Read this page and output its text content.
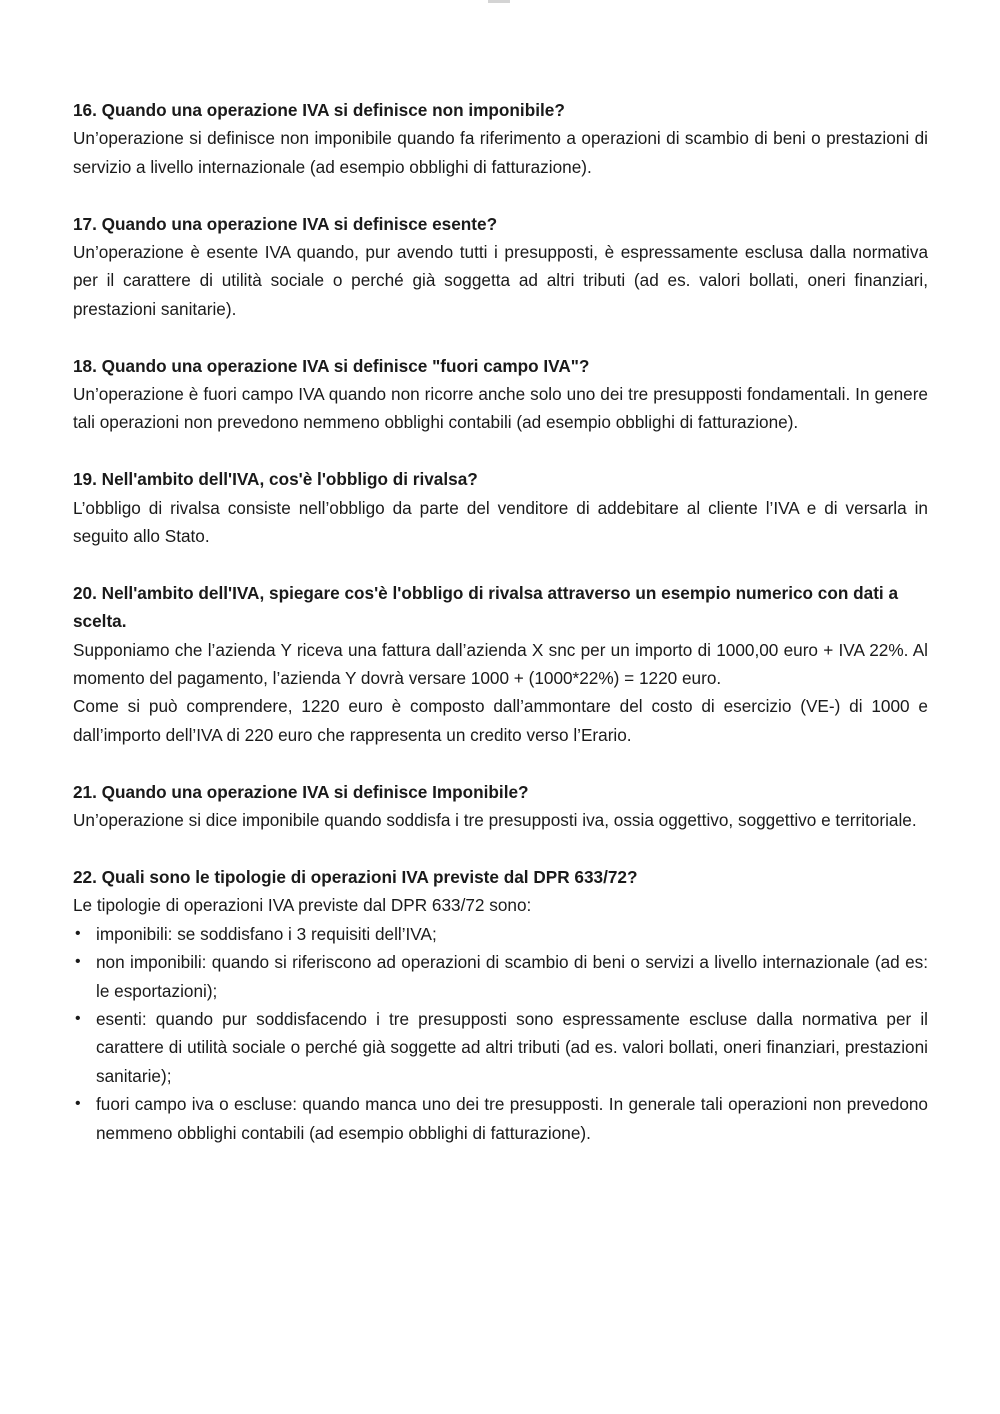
16. Quando una operazione IVA si definisce non imponibile?

Un’operazione si definisce non imponibile quando fa riferimento a operazioni di scambio di beni o prestazioni di servizio a livello internazionale (ad esempio obblighi di fatturazione).

17. Quando una operazione IVA si definisce esente?

Un’operazione è esente IVA quando, pur avendo tutti i presupposti, è espressamente esclusa dalla normativa per il carattere di utilità sociale o perché già soggetta ad altri tributi (ad es. valori bollati, oneri finanziari, prestazioni sanitarie).

18. Quando una operazione IVA si definisce "fuori campo IVA"?

Un’operazione è fuori campo IVA quando non ricorre anche solo uno dei tre presupposti fondamentali. In genere tali operazioni non prevedono nemmeno obblighi contabili (ad esempio obblighi di fatturazione).

19. Nell'ambito dell'IVA, cos'è l'obbligo di rivalsa?

L’obbligo di rivalsa consiste nell’obbligo da parte del venditore di addebitare al cliente l’IVA e di versarla in seguito allo Stato.

20. Nell'ambito dell'IVA, spiegare cos'è l'obbligo di rivalsa attraverso un esempio numerico con dati a scelta.

Supponiamo che l’azienda Y riceva una fattura dall’azienda X snc per un importo di 1000,00 euro + IVA 22%. Al momento del pagamento, l’azienda Y dovrà versare 1000 + (1000*22%) = 1220 euro.

Come si può comprendere, 1220 euro è composto dall’ammontare del costo di esercizio (VE-) di 1000 e dall’importo dell’IVA di 220 euro che rappresenta un credito verso l’Erario.

21. Quando una operazione IVA si definisce Imponibile?

Un’operazione si dice imponibile quando soddisfa i tre presupposti iva, ossia oggettivo, soggettivo e territoriale.

22. Quali sono le tipologie di operazioni IVA previste dal DPR 633/72?

Le tipologie di operazioni IVA previste dal DPR 633/72 sono:

• imponibili: se soddisfano i 3 requisiti dell’IVA;
• non imponibili: quando si riferiscono ad operazioni di scambio di beni o servizi a livello internazionale (ad es: le esportazioni);
• esenti: quando pur soddisfacendo i tre presupposti sono espressamente escluse dalla normativa per il carattere di utilità sociale o perché già soggette ad altri tributi (ad es. valori bollati, oneri finanziari, prestazioni sanitarie);
• fuori campo iva o escluse: quando manca uno dei tre presupposti. In generale tali operazioni non prevedono nemmeno obblighi contabili (ad esempio obblighi di fatturazione).
